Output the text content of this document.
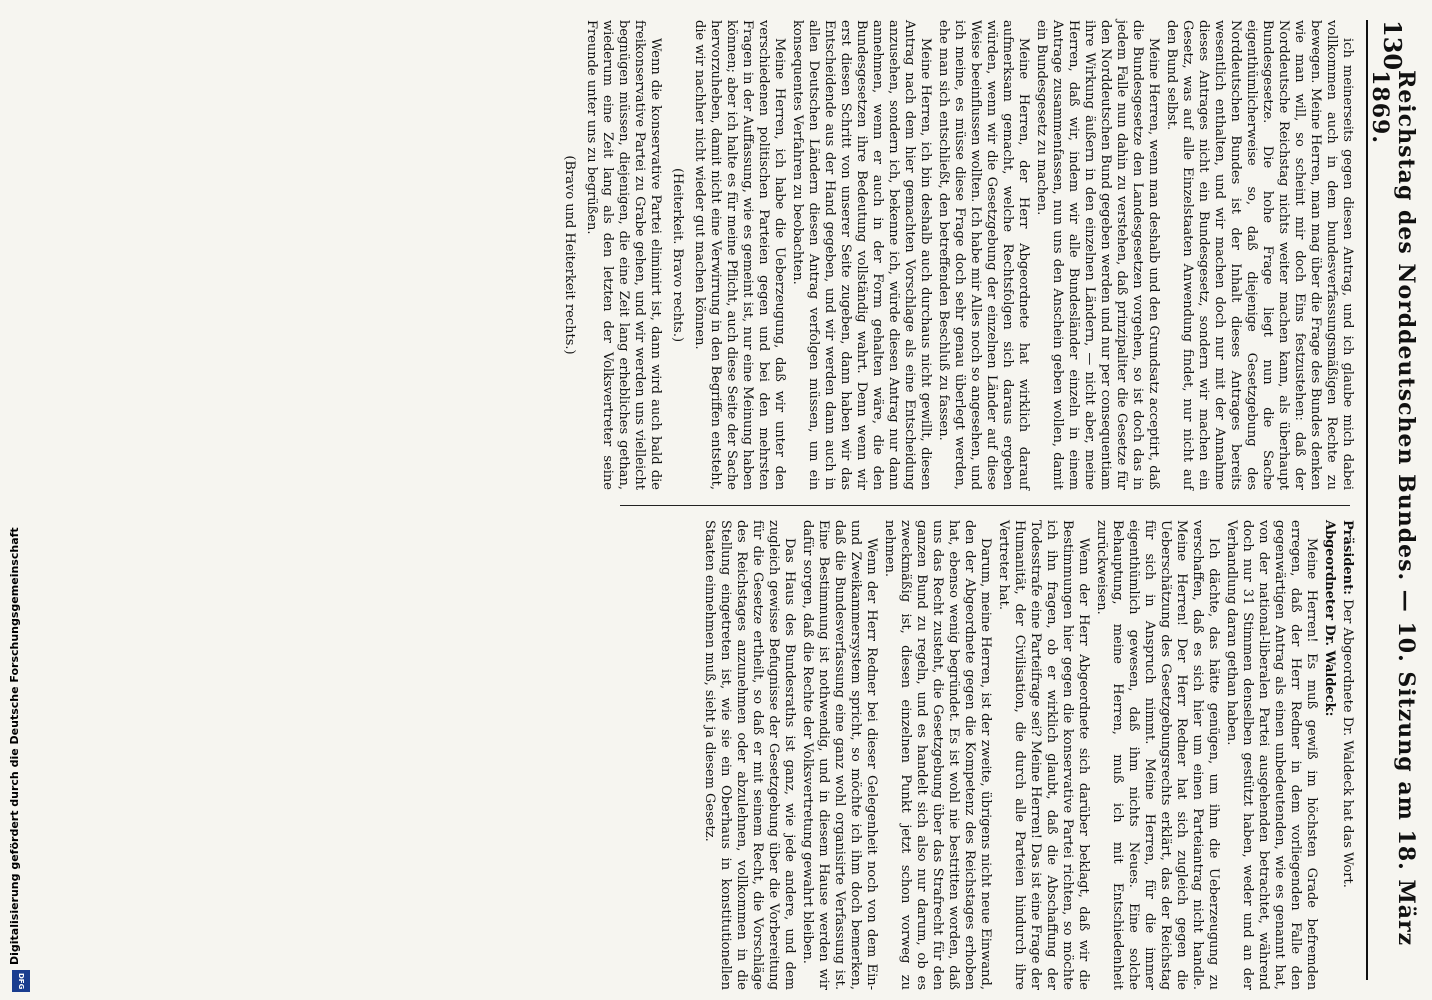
130
Reichstag des Norddeutschen Bundes. — 10. Sitzung am 18. März 1869.

ich meinerseits gegen diesen Antrag, und ich glaube mich dabei vollkommen auch in dem bundesverfassungsmäßigen Rechte zu bewegen. Meine Herren, man mag über die Frage des Bundes denken wie man will, so scheint mir doch Eins festzustehen: daß der Norddeutsche Reichstag nichts weiter machen kann, als überhaupt Bundesgesetze. Die hohe Frage liegt nun die Sache eigenthümlicherweise so, daß diejenige Gesetzgebung des Norddeutschen Bundes ist der Inhalt dieses Antrages bereits wesentlich enthalten, und wir machen doch nur mit der Annahme dieses Antrages nicht ein Bundesgesetz, sondern wir machen ein Gesetz, was auf alle Einzelstaaten Anwendung findet, nur nicht auf den Bund selbst.

Meine Herren, wenn man deshalb und den Grundsatz acceptirt, daß die Bundesgesetze den Landesgesetzen vorgehen, so ist doch das in jedem Falle nun dahin zu verstehen, daß prinzipaliter die Gesetze für den Norddeutschen Bund gegeben werden und nur per consequentiam ihre Wirkung äußern in den einzelnen Ländern, — nicht aber, meine Herren, daß wir, indem wir alle Bundesländer einzeln in einem Antrage zusammenfassen, nun uns den Anschein geben wollen, damit ein Bundesgesetz zu machen.

Meine Herren, der Herr Abgeordnete hat wirklich darauf aufmerksam gemacht, welche Rechtsfolgen sich daraus ergeben würden, wenn wir die Gesetzgebung der einzelnen Länder auf diese Weise beeinflussen wollten. Ich habe mir Alles noch so angesehen, und ich meine, es müsse diese Frage doch sehr genau überlegt werden, ehe man sich entschließt, den betreffenden Beschluß zu fassen.

Meine Herren, ich bin deshalb auch durchaus nicht gewillt, diesen Antrag nach dem hier gemachten Vorschlage als eine Entscheidung anzusehen, sondern ich, bekenne ich, würde diesen Antrag nur dann annehmen, wenn er auch in der Form gehalten wäre, die den Bundesgesetzen ihre Bedeutung vollständig wahrt. Denn wenn wir erst diesen Schritt von unserer Seite zugeben, dann haben wir das Entscheidende aus der Hand gegeben, und wir werden dann auch in allen Deutschen Ländern diesen Antrag verfolgen müssen, um ein konsequentes Verfahren zu beobachten.

Meine Herren, ich habe die Ueberzeugung, daß wir unter den verschiedenen politischen Parteien gegen und bei den mehrsten Fragen in der Auffassung, wie es gemeint ist, nur eine Meinung haben können; aber ich halte es für meine Pflicht, auch diese Seite der Sache hervorzuheben, damit nicht eine Verwirrung in den Begriffen entsteht, die wir nachher nicht wieder gut machen können.

(Heiterkeit. Bravo rechts.)

Wenn die konservative Partei eliminirt ist, dann wird auch bald die freikonservative Partei zu Grabe gehen, und wir werden uns vielleicht begnügen müssen, diejenigen, die eine Zeit lang erhebliches gethan, wiederum eine Zeit lang als den letzten der Volksvertreter seine Freunde unter uns zu begrüßen.

(Bravo und Heiterkeit rechts.)

Präsident: Der Abgeordnete Dr. Waldeck hat das Wort.

Abgeordneter Dr. Waldeck:

Meine Herren! Es muß gewiß im höchsten Grade befremden erregen, daß der Herr Redner in dem vorliegenden Falle den gegenwärtigen Antrag als einen unbedeutenden, wie es genannt hat, von der national-liberalen Partei ausgehenden betrachtet, während doch nur 31 Stimmen denselben gestützt haben, weder und an der Verhandlung daran gethan haben.

Ich dächte, das hätte genügen, um ihm die Ueberzeugung zu verschaffen, daß es sich hier um einen Parteiantrag nicht handle. Meine Herren! Der Herr Redner hat sich zugleich gegen die Ueberschätzung des Gesetzgebungsrechts erklärt, das der Reichstag für sich in Anspruch nimmt. Meine Herren, für die immer eigenthümlich gewesen, daß ihm nichts Neues. Eine solche Behauptung, meine Herren, muß ich mit Entschiedenheit zurückweisen.

Wenn der Herr Abgeordnete sich darüber beklagt, daß wir die Bestimmungen hier gegen die konservative Partei richten, so möchte ich ihn fragen, ob er wirklich glaubt, daß die Abschaffung der Todesstrafe eine Parteifrage sei? Meine Herren! Das ist eine Frage der Humanität, der Civilisation, die durch alle Parteien hindurch ihre Vertreter hat.

Darum, meine Herren, ist der zweite, übrigens nicht neue Einwand, den der Abgeordnete gegen die Kompetenz des Reichstages erhoben hat, ebenso wenig begründet. Es ist wohl nie bestritten worden, daß uns das Recht zusteht, die Gesetzgebung über das Strafrecht für den ganzen Bund zu regeln, und es handelt sich also nur darum, ob es zweckmäßig ist, diesen einzelnen Punkt jetzt schon vorweg zu nehmen.

Wenn der Herr Redner bei dieser Gelegenheit noch von dem Ein- und Zweikammersystem spricht, so möchte ich ihm doch bemerken, daß die Bundesverfassung eine ganz wohl organisirte Verfassung ist. Eine Bestimmung ist nothwendig, und in diesem Hause werden wir dafür sorgen, daß die Rechte der Volksvertretung gewahrt bleiben.

Das Haus des Bundesraths ist ganz, wie jede andere, und dem zugleich gewisse Befugnisse der Gesetzgebung über die Vorbereitung für die Gesetze ertheilt, so daß er mit seinem Recht, die Vorschläge des Reichstages anzunehmen oder abzulehnen, vollkommen in die Stellung eingetreten ist, wie sie ein Oberhaus in konstitutionellen Staaten einnehmen muß, sieht ja diesem Gesetz.

Digitalisierung gefördert durch die Deutsche Forschungsgemeinschaft
DFG
